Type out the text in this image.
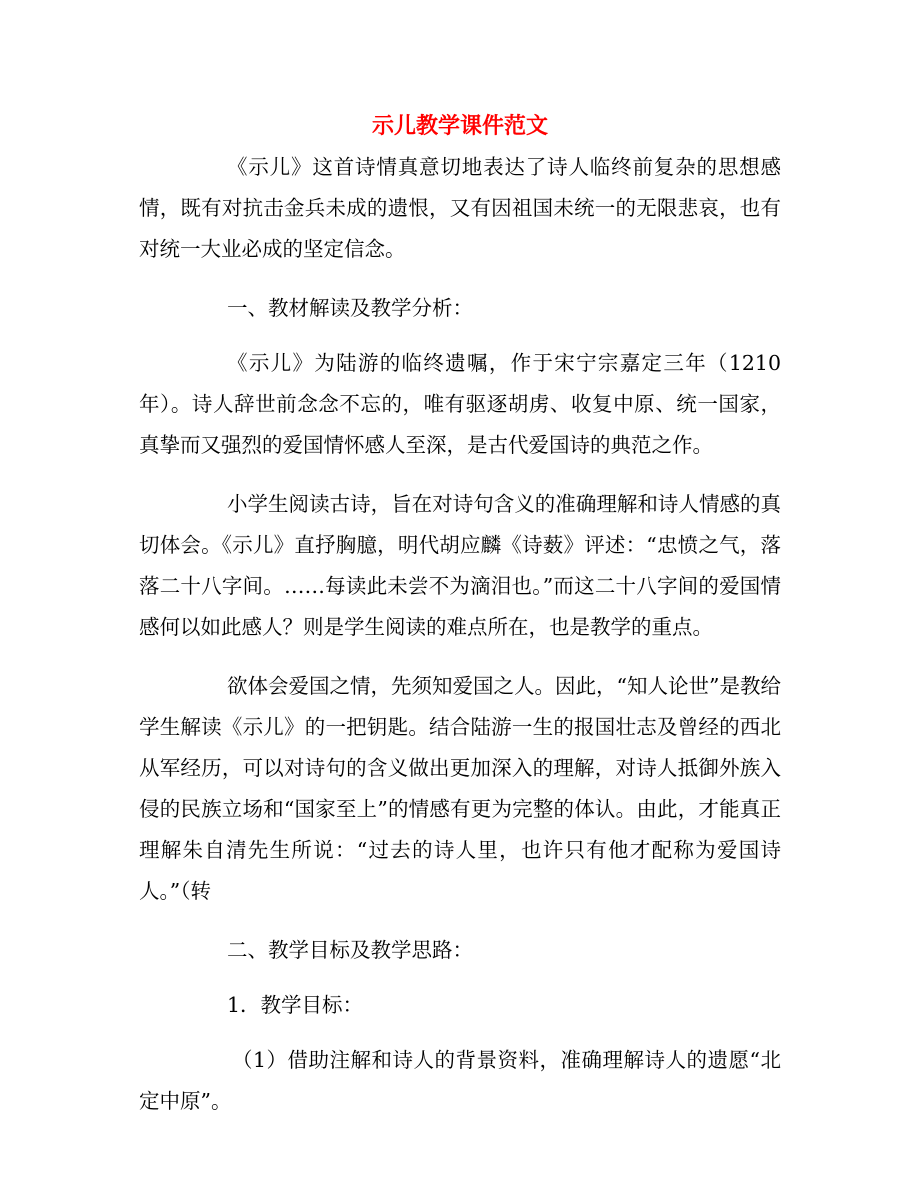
示儿教学课件范文

《示儿》这首诗情真意切地表达了诗人临终前复杂的思想感情，既有对抗击金兵未成的遗恨，又有因祖国未统一的无限悲哀，也有对统一大业必成的坚定信念。

一、教材解读及教学分析：

《示儿》为陆游的临终遗嘱，作于宋宁宗嘉定三年（1210年）。诗人辞世前念念不忘的，唯有驱逐胡虏、收复中原、统一国家，真挚而又强烈的爱国情怀感人至深，是古代爱国诗的典范之作。

小学生阅读古诗，旨在对诗句含义的准确理解和诗人情感的真切体会。《示儿》直抒胸臆，明代胡应麟《诗薮》评述：“忠愤之气，落落二十八字间。……每读此未尝不为滴泪也。”而这二十八字间的爱国情感何以如此感人？则是学生阅读的难点所在，也是教学的重点。

欲体会爱国之情，先须知爱国之人。因此，“知人论世”是教给学生解读《示儿》的一把钥匙。结合陆游一生的报国壮志及曾经的西北从军经历，可以对诗句的含义做出更加深入的理解，对诗人抵御外族入侵的民族立场和“国家至上”的情感有更为完整的体认。由此，才能真正理解朱自清先生所说：“过去的诗人里，也许只有他才配称为爱国诗人。”（转

二、教学目标及教学思路：

1．教学目标：

（1）借助注解和诗人的背景资料，准确理解诗人的遗愿“北定中原”。
